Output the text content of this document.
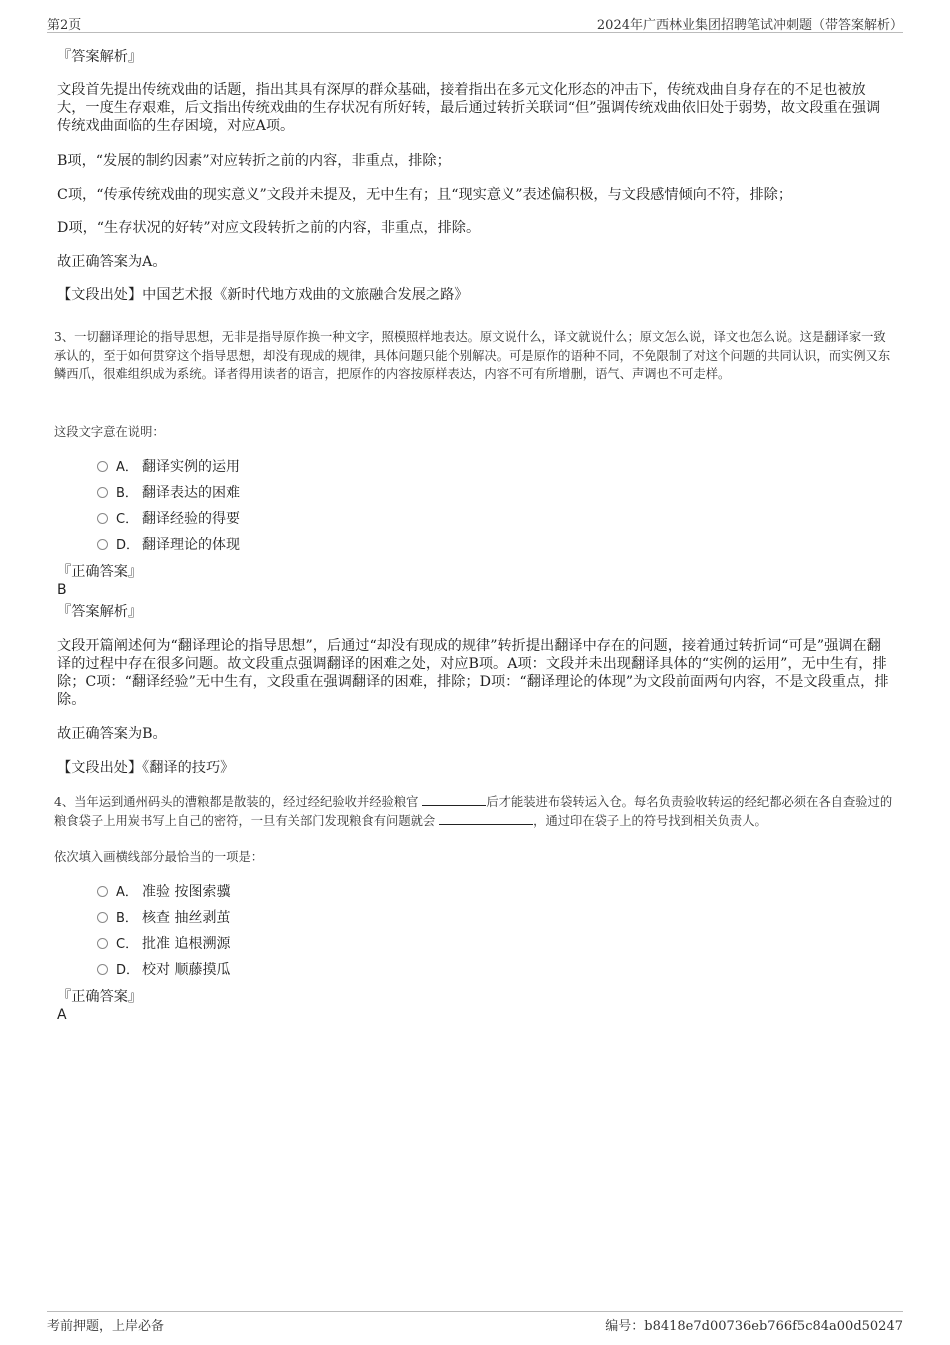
第2页	2024年广西林业集团招聘笔试冲刺题（带答案解析）
『答案解析』

文段首先提出传统戏曲的话题，指出其具有深厚的群众基础，接着指出在多元文化形态的冲击下，传统戏曲自身存在的不足也被放大，一度生存艰难，后文指出传统戏曲的生存状况有所好转，最后通过转折关联词“但”强调传统戏曲依旧处于弱势，故文段重在强调传统戏曲面临的生存困境，对应A项。

B项，“发展的制约因素”对应转折之前的内容，非重点，排除；

C项，“传承传统戏曲的现实意义”文段并未提及，无中生有；且“现实意义”表述偏积极，与文段感情倾向不符，排除；

D项，“生存状况的好转”对应文段转折之前的内容，非重点，排除。

故正确答案为A。

【文段出处】中国艺术报《新时代地方戏曲的文旅融合发展之路》

3、一切翻译理论的指导思想，无非是指导原作换一种文字，照模照样地表达。原文说什么，译文就说什么；原文怎么说，译文也怎么说。这是翻译家一致承认的，至于如何贯穿这个指导思想，却没有现成的规律，具体问题只能个别解决。可是原作的语种不同，不免限制了对这个问题的共同认识，而实例又东鳞西爪，很难组织成为系统。译者得用读者的语言，把原作的内容按原样表达，内容不可有所增删，语气、声调也不可走样。

这段文字意在说明：

A． 翻译实例的运用
B． 翻译表达的困难
C． 翻译经验的得要
D． 翻译理论的体现
『正确答案』
B
『答案解析』

文段开篇阐述何为“翻译理论的指导思想”，后通过“却没有现成的规律”转折提出翻译中存在的问题，接着通过转折词“可是”强调在翻译的过程中存在很多问题。故文段重点强调翻译的困难之处，对应B项。A项：文段并未出现翻译具体的“实例的运用”，无中生有，排除；C项：“翻译经验”无中生有，文段重在强调翻译的困难，排除；D项：“翻译理论的体现”为文段前面两句内容，不是文段重点，排除。

故正确答案为B。

【文段出处】《翻译的技巧》

4、当年运到通州码头的漕粮都是散装的，经过经纪验收并经验粮官	后才能装进布袋转运入仓。每名负责验收转运的经纪都必须在各自查验过的粮食袋子上用炭书写上自己的密符，一旦有关部门发现粮食有问题就会	，通过印在袋子上的符号找到相关负责人。

依次填入画横线部分最恰当的一项是：

A． 准验 按图索骥
B． 核查 抽丝剥茧
C． 批准 追根溯源
D． 校对 顺藤摸瓜
『正确答案』
A
考前押题，上岸必备	编号：b8418e7d00736eb766f5c84a00d50247
